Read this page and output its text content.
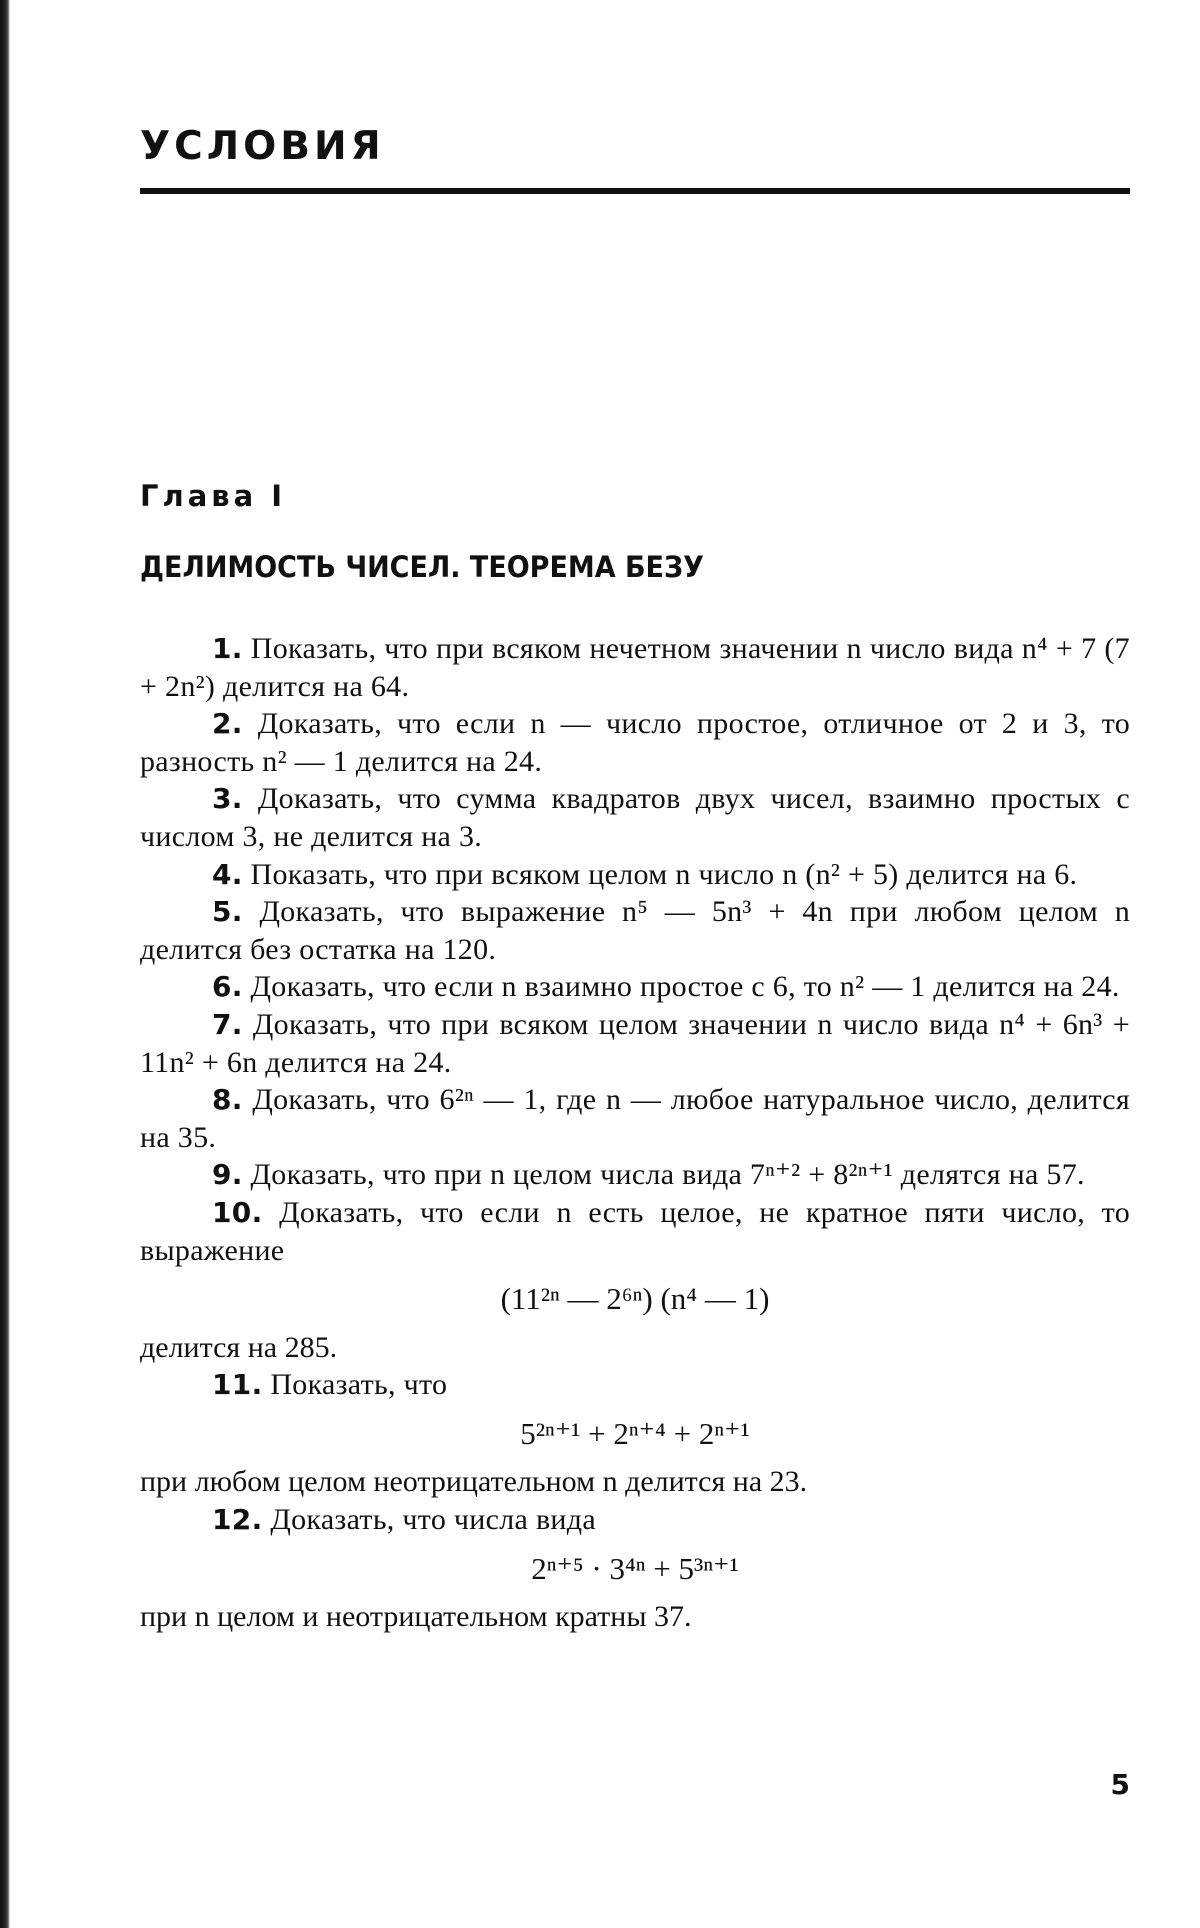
УСЛОВИЯ
Глава I
ДЕЛИМОСТЬ ЧИСЕЛ. ТЕОРЕМА БЕЗУ

1. Показать, что при всяком нечетном значении n число вида n⁴ + 7 (7 + 2n²) делится на 64.

2. Доказать, что если n — число простое, отличное от 2 и 3, то разность n² — 1 делится на 24.

3. Доказать, что сумма квадратов двух чисел, взаимно простых с числом 3, не делится на 3.

4. Показать, что при всяком целом n число n (n² + 5) делится на 6.

5. Доказать, что выражение n⁵ — 5n³ + 4n при любом целом n делится без остатка на 120.

6. Доказать, что если n взаимно простое с 6, то n² — 1 делится на 24.

7. Доказать, что при всяком целом значении n число вида n⁴ + 6n³ + 11n² + 6n делится на 24.

8. Доказать, что 6²ⁿ — 1, где n — любое натуральное число, делится на 35.

9. Доказать, что при n целом числа вида 7ⁿ⁺² + 8²ⁿ⁺¹ делятся на 57.

10. Доказать, что если n есть целое, не кратное пяти число, то выражение

(11²ⁿ — 2⁶ⁿ) (n⁴ — 1)

делится на 285.

11. Показать, что

5²ⁿ⁺¹ + 2ⁿ⁺⁴ + 2ⁿ⁺¹

при любом целом неотрицательном n делится на 23.

12. Доказать, что числа вида

2ⁿ⁺⁵ · 3⁴ⁿ + 5³ⁿ⁺¹

при n целом и неотрицательном кратны 37.

5
